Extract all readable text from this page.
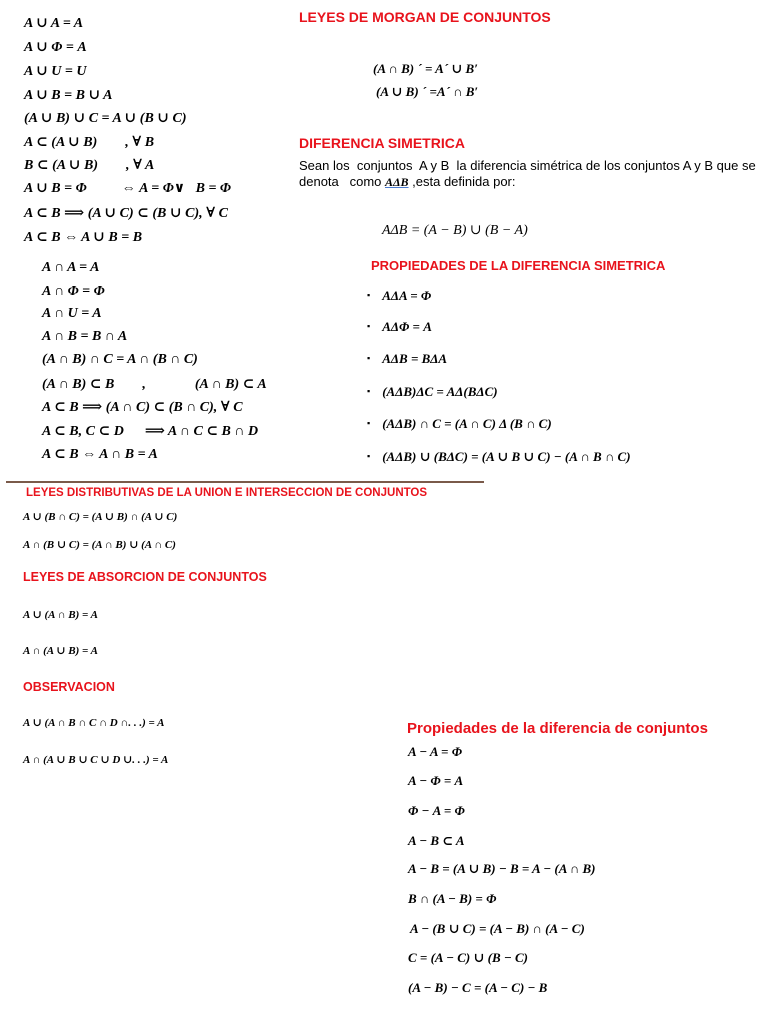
A ∪ A = A
A ∪ Φ = A
A ∪ U = U
A ∪ B = B ∪ A
(A ∪ B) ∪ C = A ∪ (B ∪ C)
A ⊂ (A ∪ B)        , ∀ B
B ⊂ (A ∪ B)        , ∀ A
A ∪ B = Φ          ⇔ A = Φ∨   B = Φ
A ⊂ B ⟹ (A ∪ C) ⊂ (B ∪ C), ∀ C
A ⊂ B ⇔ A ∪ B = B
A ∩ A = A
A ∩ Φ = Φ
A ∩ U = A
A ∩ B = B ∩ A
(A ∩ B) ∩ C = A ∩ (B ∩ C)
(A ∩ B) ⊂ B        ,              (A ∩ B) ⊂ A
A ⊂ B ⟹ (A ∩ C) ⊂ (B ∩ C), ∀ C
A ⊂ B, C ⊂ D      ⟹ A ∩ C ⊂ B ∩ D
A ⊂ B ⇔ A ∩ B = A
LEYES DE MORGAN DE CONJUNTOS
(A ∩ B) ´ = A´ ∪ B′
(A ∪ B) ´ =A´ ∩ B′
DIFERENCIA SIMETRICA
Sean los  conjuntos  A y B  la diferencia simétrica de los conjuntos A y B que se
denota   como AΔB ,esta definida por:
AΔB = (A − B) ∪ (B − A)
PROPIEDADES DE LA DIFERENCIA SIMETRICA
▪ AΔA = Φ
▪ AΔΦ = A
▪ AΔB = BΔA
▪ (AΔB)ΔC = AΔ(BΔC)
▪ (AΔB) ∩ C = (A ∩ C) Δ (B ∩ C)
▪ (AΔB) ∪ (BΔC) = (A ∪ B ∪ C) − (A ∩ B ∩ C)
LEYES DISTRIBUTIVAS DE LA UNION E INTERSECCION DE CONJUNTOS
A ∪ (B ∩ C) = (A ∪ B) ∩ (A ∪ C)
A ∩ (B ∪ C) = (A ∩ B) ∪ (A ∩ C)
LEYES DE ABSORCION DE CONJUNTOS
A ∪ (A ∩ B) = A
A ∩ (A ∪ B) = A
OBSERVACION
A ∪ (A ∩ B ∩ C ∩ D ∩. . .) = A
A ∩ (A ∪ B ∪ C ∪ D ∪. . .) = A
Propiedades de la diferencia de conjuntos
A − A = Φ
A − Φ = A
Φ − A = Φ
A − B ⊂ A
A − B = (A ∪ B) − B = A − (A ∩ B)
B ∩ (A − B) = Φ
A − (B ∪ C) = (A − B) ∩ (A − C)
C = (A − C) ∪ (B − C)
(A − B) − C = (A − C) − B
